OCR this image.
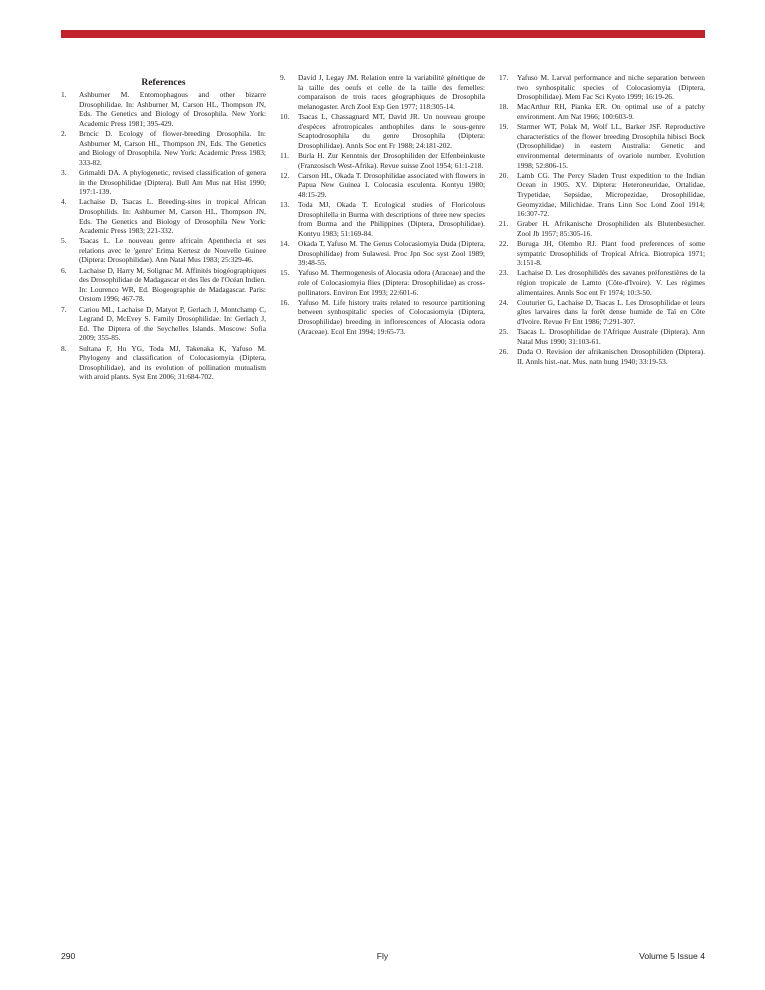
References
1. Ashburner M. Entomophagous and other bizarre Drosophilidae. In: Ashburner M, Carson HL, Thompson JN, Eds. The Genetics and Biology of Drosophila. New York: Academic Press 1981; 395-429.
2. Brncic D. Ecology of flower-breeding Drosophila. In: Ashburner M, Carson HL, Thompson JN, Eds. The Genetics and Biology of Drosophila. New York: Academic Press 1983; 333-82.
3. Grimaldi DA. A phylogenetic, revised classification of genera in the Drosophilidae (Diptera). Bull Am Mus nat Hist 1990; 197:1-139.
4. Lachaise D, Tsacas L. Breeding-sites in tropical African Drosophilids. In: Ashburner M, Carson HL, Thompson JN, Eds. The Genetics and Biology of Drosophila New York: Academic Press 1983; 221-332.
5. Tsacas L. Le nouveau genre africain Apenthecia et ses relations avec le 'genre' Erima Kertesz de Nouvelle Guinee (Diptera: Drosophilidae). Ann Natal Mus 1983; 25:329-46.
6. Lachaise D, Harry M, Solignac M. Affinités biogéographiques des Drosophilidae de Madagascar et des îles de l'Océan Indien. In: Lourenco WR, Ed. Biogeographie de Madagascar. Paris: Orstom 1996; 467-78.
7. Cariou ML, Lachaise D, Matyot P, Gerlach J, Montchamp C, Legrand D, McEvey S. Family Drosophilidae. In: Gerlach J, Ed. The Diptera of the Seychelles Islands. Moscow: Sofia 2009; 355-85.
8. Sultana F, Hu YG, Toda MJ, Takenaka K, Yafuso M. Phylogeny and classification of Colocasiomyia (Diptera, Drosophilidae), and its evolution of pollination mutualism with aroid plants. Syst Ent 2006; 31:684-702.
9. David J, Legay JM. Relation entre la variabilité génétique de la taille des oeufs et celle de la taille des femelles: comparaison de trois races géographiques de Drosophila melanogaster. Arch Zool Exp Gen 1977; 118:305-14.
10. Tsacas L, Chassagnard MT, David JR. Un nouveau groupe d'espèces afrotropicales anthophiles dans le sous-genre Scaptodrosophila du genre Drosophila (Diptera: Drosophilidae). Annls Soc ent Fr 1988; 24:181-202.
11. Burla H. Zur Kenntnis der Drosophiliden der Elfenbeinkuste (Franzosisch West-Afrika). Revue suisse Zool 1954; 61:1-218.
12. Carson HL, Okada T. Drosophilidae associated with flowers in Papua New Guinea I. Colocasia esculenta. Kontyu 1980; 48:15-29.
13. Toda MJ, Okada T. Ecological studies of Floricolous Drosophilella in Burma with descriptions of three new species from Burma and the Philippines (Diptera, Drosophilidae). Kontyu 1983; 51:169-84.
14. Okada T, Yafuso M. The Genus Colocasiomyia Duda (Diptera, Drosophilidae) from Sulawesi. Proc Jpn Soc syst Zool 1989; 39:48-55.
15. Yafuso M. Thermogenesis of Alocasia odora (Araceae) and the role of Colocasiomyia flies (Diptera: Drosophilidae) as cross-pollinators. Environ Ent 1993; 22:601-6.
16. Yafuso M. Life history traits related to resource partitioning between synhospitalic species of Colocasiomyia (Diptera, Drosophilidae) breeding in inflorescences of Alocasia odora (Araceae). Ecol Ent 1994; 19:65-73.
17. Yafuso M. Larval performance and niche separation between two synhospitalic species of Colocasiomyia (Diptera, Drosophilidae). Mem Fac Sci Kyoto 1999; 16:19-26.
18. MacArthur RH, Pianka ER. On optimal use of a patchy environment. Am Nat 1966; 100:603-9.
19. Starmer WT, Polak M, Wolf LL, Barker JSF. Reproductive characteristics of the flower breeding Drosophila hibisci Bock (Drosophilidae) in eastern Australia: Genetic and environmental determinants of ovariole number. Evolution 1998; 52:806-15.
20. Lamb CG. The Percy Sladen Trust expedition to the Indian Ocean in 1905. XV. Diptera: Heteroneuridae, Ortalidae, Trypetidae, Sepsidae, Micropezidae, Drosophilidae, Geomyzidae, Milichidae. Trans Linn Soc Lond Zool 1914; 16:307-72.
21. Graber H. Afrikanische Drosophiliden als Blutenbesucher. Zool Jb 1957; 85:305-16.
22. Buruga JH, Olembo RJ. Plant food preferences of some sympatric Drosophilids of Tropical Africa. Biotropica 1971; 3:151-8.
23. Lachaise D. Les drosophilidés des savanes préforestières de la région tropicale de Lamto (Côte-d'Ivoire). V. Les régimes alimentaires. Annls Soc ent Fr 1974; 10:3-50.
24. Couturier G, Lachaise D, Tsacas L. Les Drosophilidae et leurs gîtes larvaires dans la forêt dense humide de Taï en Côte d'Ivoire. Revue Fr Ent 1986; 7:291-307.
25. Tsacas L. Drosophilidae de l'Afrique Australe (Diptera). Ann Natal Mus 1990; 31:103-61.
26. Duda O. Revision der afrikanischen Drosophiliden (Diptera). II. Annls hist.-nat. Mus. natn hung 1940; 33:19-53.
290	Fly	Volume 5 Issue 4
